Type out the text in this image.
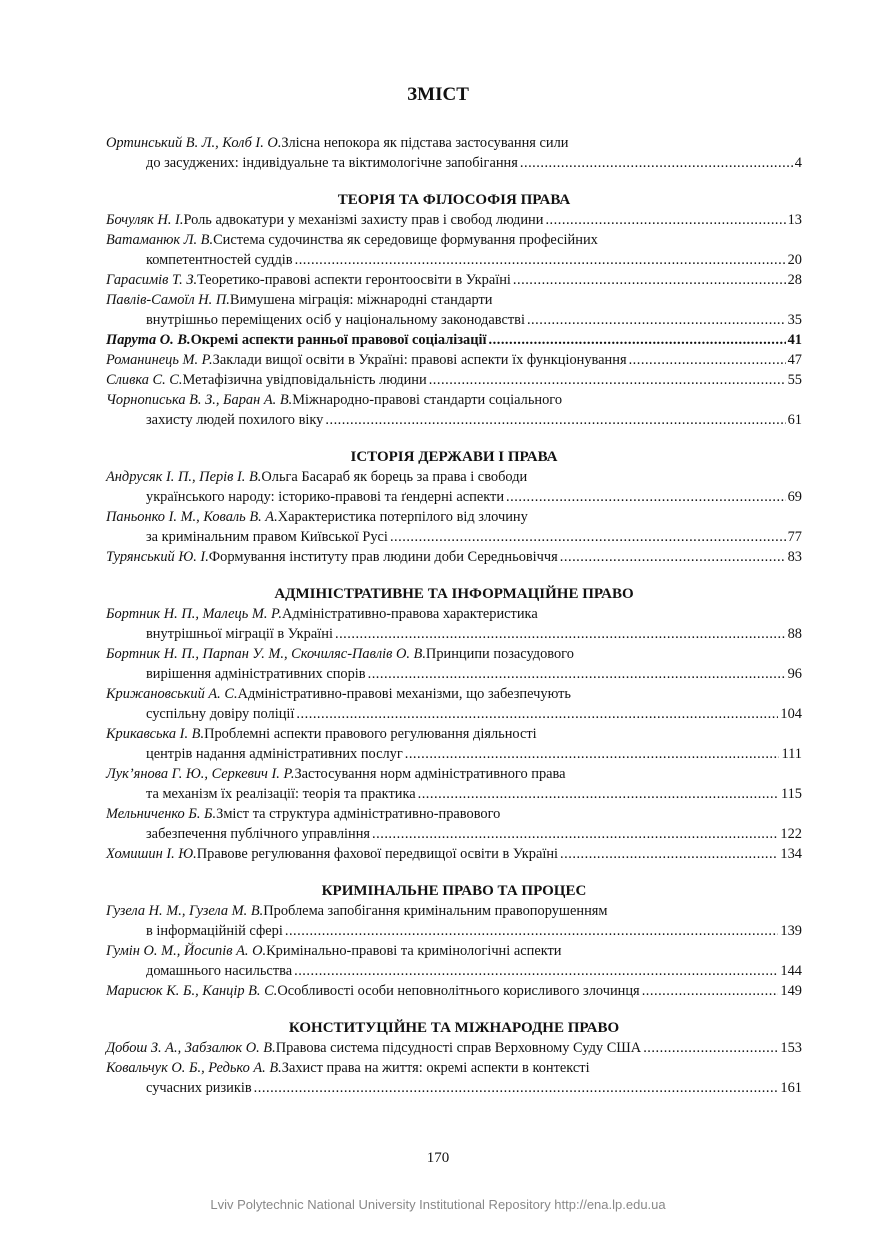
ЗМІСТ
Ортинський В. Л., Колб І. О. Злісна непокора як підстава застосування сили
до засуджених: індивідуальне та віктимологічне запобігання .....	4
ТЕОРІЯ ТА ФІЛОСОФІЯ ПРАВА
Бочуляк Н. І. Роль адвокатури у механізмі захисту прав і свобод людини .....	13
Ватаманюк Л. В. Система судочинства як середовище формування професійних
компетентностей суддів .....	20
Гарасимів Т. З. Теоретико-правові аспекти геронтоосвіти в Україні .....	28
Павлів-Самоїл Н. П. Вимушена міграція: міжнародні стандарти
внутрішньо переміщених осіб у національному законодавстві .....	35
Парута О. В. Окремі аспекти ранньої правової соціалізації .....	41
Романинець М. Р. Заклади вищої освіти в Україні: правові аспекти їх функціонування .....	47
Сливка С. С. Метафізична увідповідальність людини .....	55
Чорнописька В. З., Баран А. В. Міжнародно-правові стандарти соціального
захисту людей похилого віку .....	61
ІСТОРІЯ ДЕРЖАВИ І ПРАВА
Андрусяк І. П., Перів І. В. Ольга Басараб як борець за права і свободи
українського народу: історико-правові та ґендерні аспекти .....	69
Паньонко І. М., Коваль В. А. Характеристика потерпілого від злочину
за кримінальним правом Київської Русі .....	77
Турянський Ю. І. Формування інституту прав людини доби Середньовіччя .....	83
АДМІНІСТРАТИВНЕ ТА ІНФОРМАЦІЙНЕ ПРАВО
Бортник Н. П., Малець М. Р. Адміністративно-правова характеристика
внутрішньої міграції в Україні .....	88
Бортник Н. П., Парпан У. М., Скочиляс-Павлів О. В. Принципи позасудового
вирішення адміністративних спорів .....	96
Крижановський А. С. Адміністративно-правові механізми, що забезпечують
суспільну довіру поліції .....	104
Крикавська І. В. Проблемні аспекти правового регулювання діяльності
центрів надання адміністративних послуг .....	111
Лук’янова Г. Ю., Серкевич І. Р. Застосування норм адміністративного права
та механізм їх реалізації: теорія та практика .....	115
Мельниченко Б. Б. Зміст та структура адміністративно-правового
забезпечення публічного управління .....	122
Хомишин І. Ю. Правове регулювання фахової передвищої освіти в Україні .....	134
КРИМІНАЛЬНЕ ПРАВО ТА ПРОЦЕС
Гузела Н. М., Гузела М. В. Проблема запобігання кримінальним правопорушенням
в інформаційній сфері .....	139
Гумін О. М., Йосипів А. О. Кримінально-правові та кримінологічні аспекти
домашнього насильства .....	144
Марисюк К. Б., Канцір В. С. Особливості особи неповнолітнього корисливого злочинця .....	149
КОНСТИТУЦІЙНЕ ТА МІЖНАРОДНЕ ПРАВО
Добош З. А., Забзалюк О. В. Правова система підсудності справ Верховному Суду США .....	153
Ковальчук О. Б., Редько А. В. Захист права на життя: окремі аспекти в контексті
сучасних ризиків .....	161
170
Lviv Polytechnic National University Institutional Repository http://ena.lp.edu.ua
